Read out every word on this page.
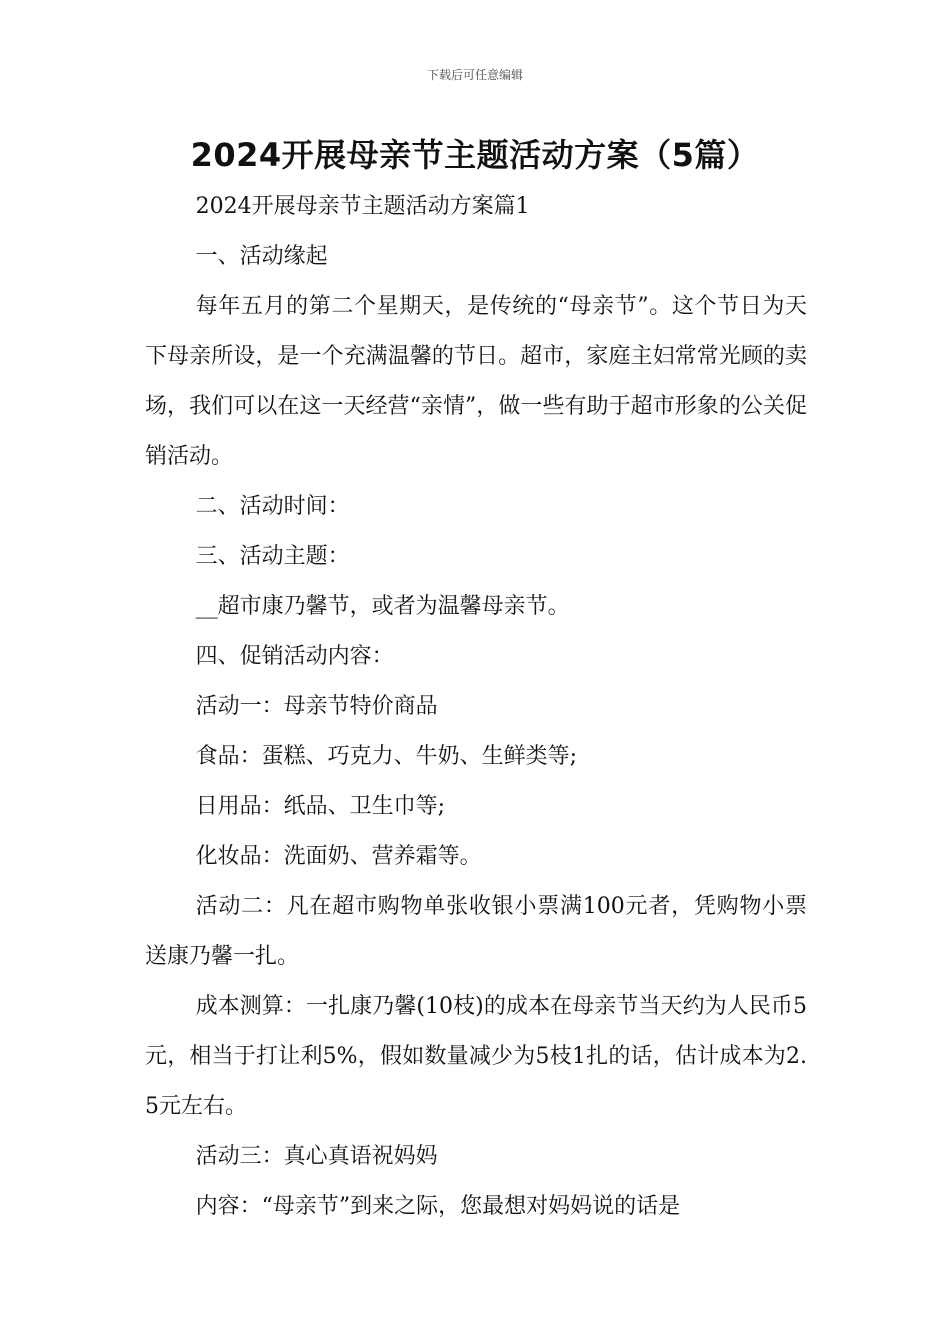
下载后可任意编辑
2024开展母亲节主题活动方案（5篇）

2024开展母亲节主题活动方案篇1

一、活动缘起

每年五月的第二个星期天，是传统的“母亲节”。这个节日为天下母亲所设，是一个充满温馨的节日。超市，家庭主妇常常光顾的卖场，我们可以在这一天经营“亲情”，做一些有助于超市形象的公关促销活动。

二、活动时间：

三、活动主题：

__超市康乃馨节，或者为温馨母亲节。

四、促销活动内容：

活动一：母亲节特价商品

食品：蛋糕、巧克力、牛奶、生鲜类等;

日用品：纸品、卫生巾等;

化妆品：洗面奶、营养霜等。

活动二：凡在超市购物单张收银小票满100元者，凭购物小票送康乃馨一扎。

成本测算：一扎康乃馨(10枝)的成本在母亲节当天约为人民币5元，相当于打让利5%，假如数量减少为5枝1扎的话，估计成本为2.5元左右。

活动三：真心真语祝妈妈

内容：“母亲节”到来之际，您最想对妈妈说的话是
